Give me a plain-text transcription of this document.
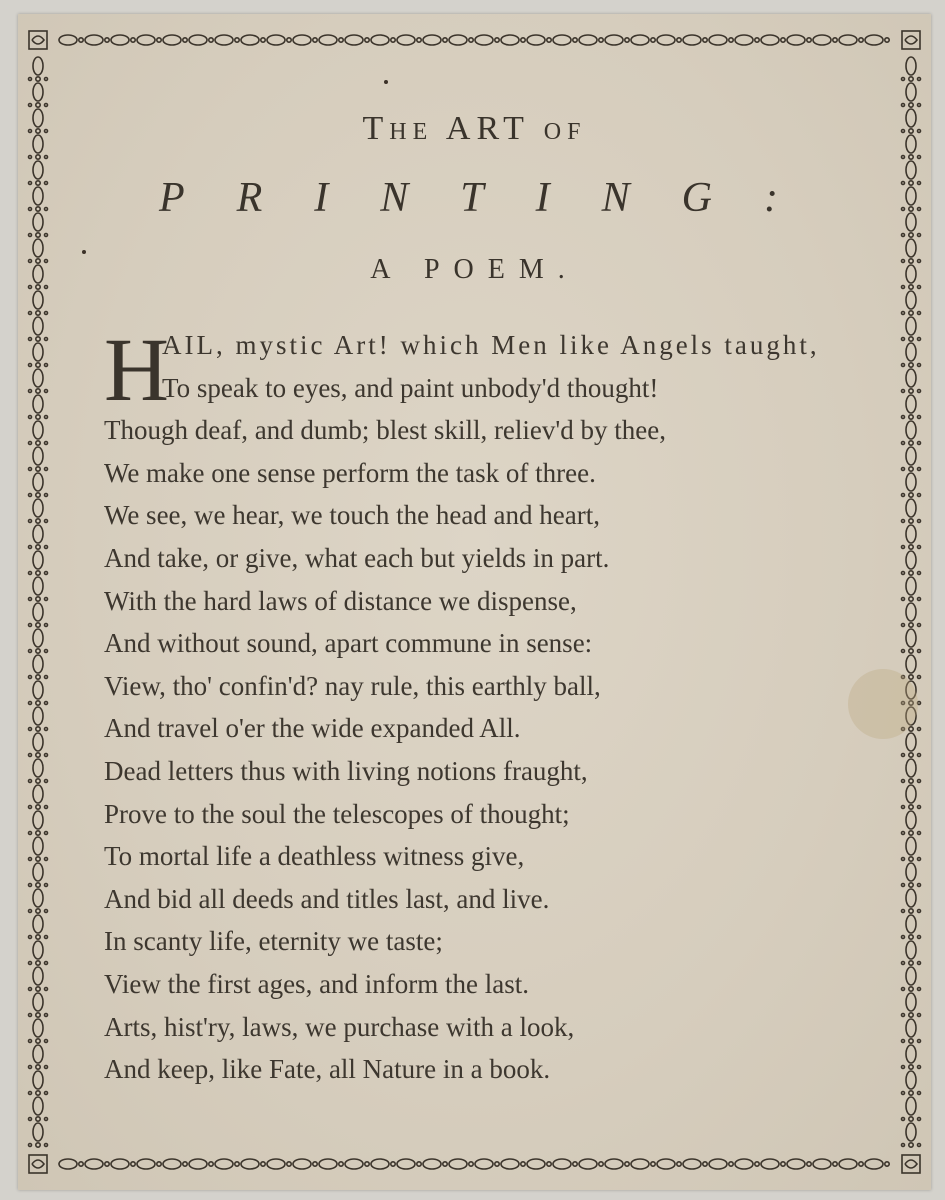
The ART of
PRINTING:
A POEM.
H
AIL, mystic Art! which Men like Angels taught,
To speak to eyes, and paint unbody'd thought!
Though deaf, and dumb; blest skill, reliev'd by thee,
We make one sense perform the task of three.
We see, we hear, we touch the head and heart,
And take, or give, what each but yields in part.
With the hard laws of distance we dispense,
And without sound, apart commune in sense:
View, tho' confin'd? nay rule, this earthly ball,
And travel o'er the wide expanded All.
Dead letters thus with living notions fraught,
Prove to the soul the telescopes of thought;
To mortal life a deathless witness give,
And bid all deeds and titles last, and live.
In scanty life, eternity we taste;
View the first ages, and inform the last.
Arts, hist'ry, laws, we purchase with a look,
And keep, like Fate, all Nature in a book.
